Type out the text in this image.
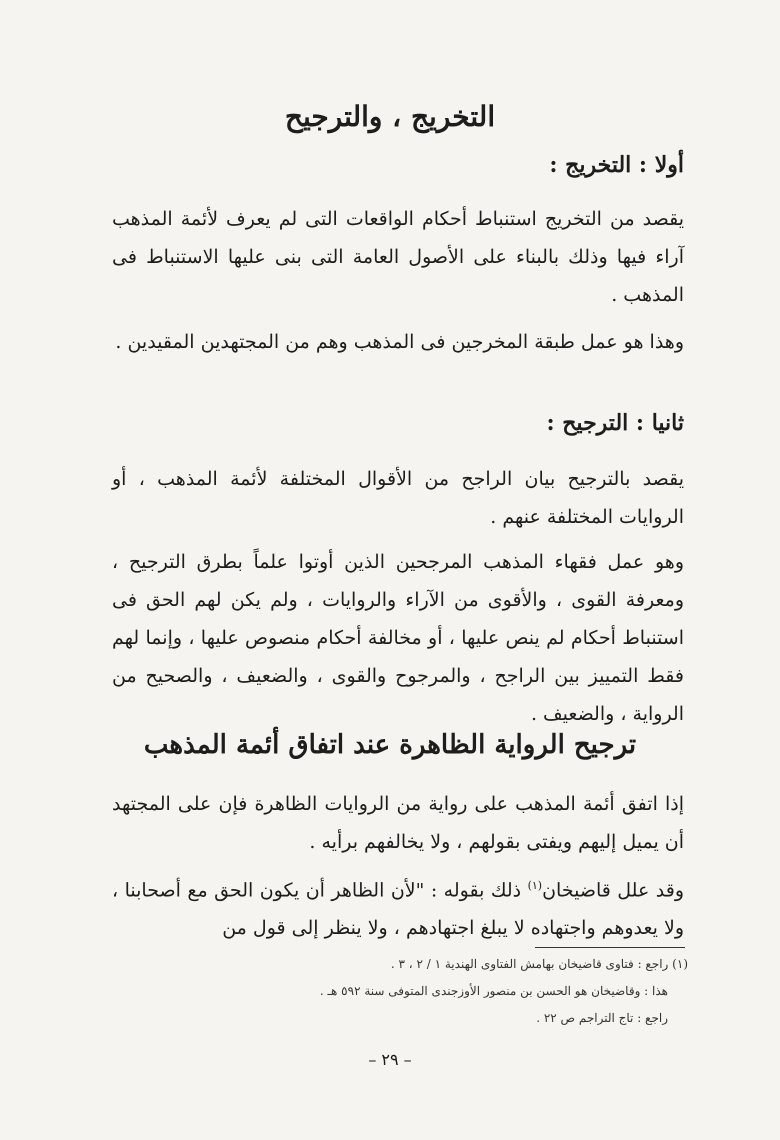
التخريج ، والترجيح
أولا : التخريج :
يقصد من التخريج استنباط أحكام الواقعات التى لم يعرف لأئمة المذهب آراء فيها وذلك بالبناء على الأصول العامة التى بنى عليها الاستنباط فى المذهب .
وهذا هو عمل طبقة المخرجين فى المذهب وهم من المجتهدين المقيدين .
ثانيا : الترجيح :
يقصد بالترجيح بيان الراجح من الأقوال المختلفة لأئمة المذهب ، أو الروايات المختلفة عنهم .
وهو عمل فقهاء المذهب المرجحين الذين أوتوا علماً بطرق الترجيح ، ومعرفة القوى ، والأقوى من الآراء والروايات ، ولم يكن لهم الحق فى استنباط أحكام لم ينص عليها ، أو مخالفة أحكام منصوص عليها ، وإنما لهم فقط التمييز بين الراجح ، والمرجوح والقوى ، والضعيف ، والصحيح من الرواية ، والضعيف .
ترجيح الرواية الظاهرة عند اتفاق أئمة المذهب
إذا اتفق أئمة المذهب على رواية من الروايات الظاهرة فإن على المجتهد أن يميل إليهم ويفتى بقولهم ، ولا يخالفهم برأيه .
وقد علل قاضيخان$^{(١)}$ ذلك بقوله : "لأن الظاهر أن يكون الحق مع أصحابنا ، ولا يعدوهم واجتهاده لا يبلغ اجتهادهم ، ولا ينظر إلى قول من
(١) راجع : فتاوى قاضيخان بهامش الفتاوى الهندية ١ / ٢ ، ٣ .
هذا : وقاضيخان هو الحسن بن منصور الأوزجندى المتوفى سنة ٥٩٢ هـ .
راجع : تاج التراجم ص ٢٢ .
– ٢٩ –
